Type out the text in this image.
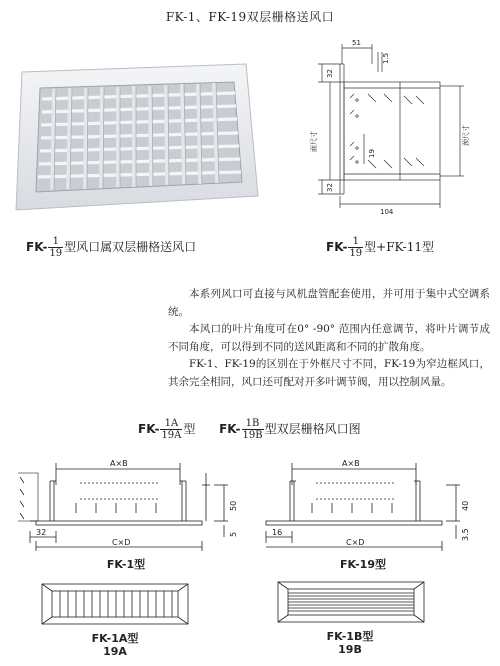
FK-1、FK-19双层栅格送风口
$FK- \frac{1}{19}$ 型风口属双层栅格送风口
51
1.5
32
32
19
104
面尺寸	颈尺寸
$FK- \frac{1}{19}$ 型+FK-11型

本系列风口可直接与风机盘管配套使用，并可用于集中式空调系统。

本风口的叶片角度可在0° -90° 范围内任意调节，将叶片调节成不同角度，可以得到不同的送风距离和不同的扩散角度。

FK-1、FK-19的区别在于外框尺寸不同，FK-19为窄边框风口，其余完全相同，风口还可配对开多叶调节阀，用以控制风量。

$FK- \frac{1A}{19A}$ 型 $FK- \frac{1B}{19B}$ 型双层栅格风口图
A×B
32
C×D
50
5
FK-1型
A×B
16
C×D
40
3.5
FK-19型
FK-1A型
19A
FK-1B型
19B
